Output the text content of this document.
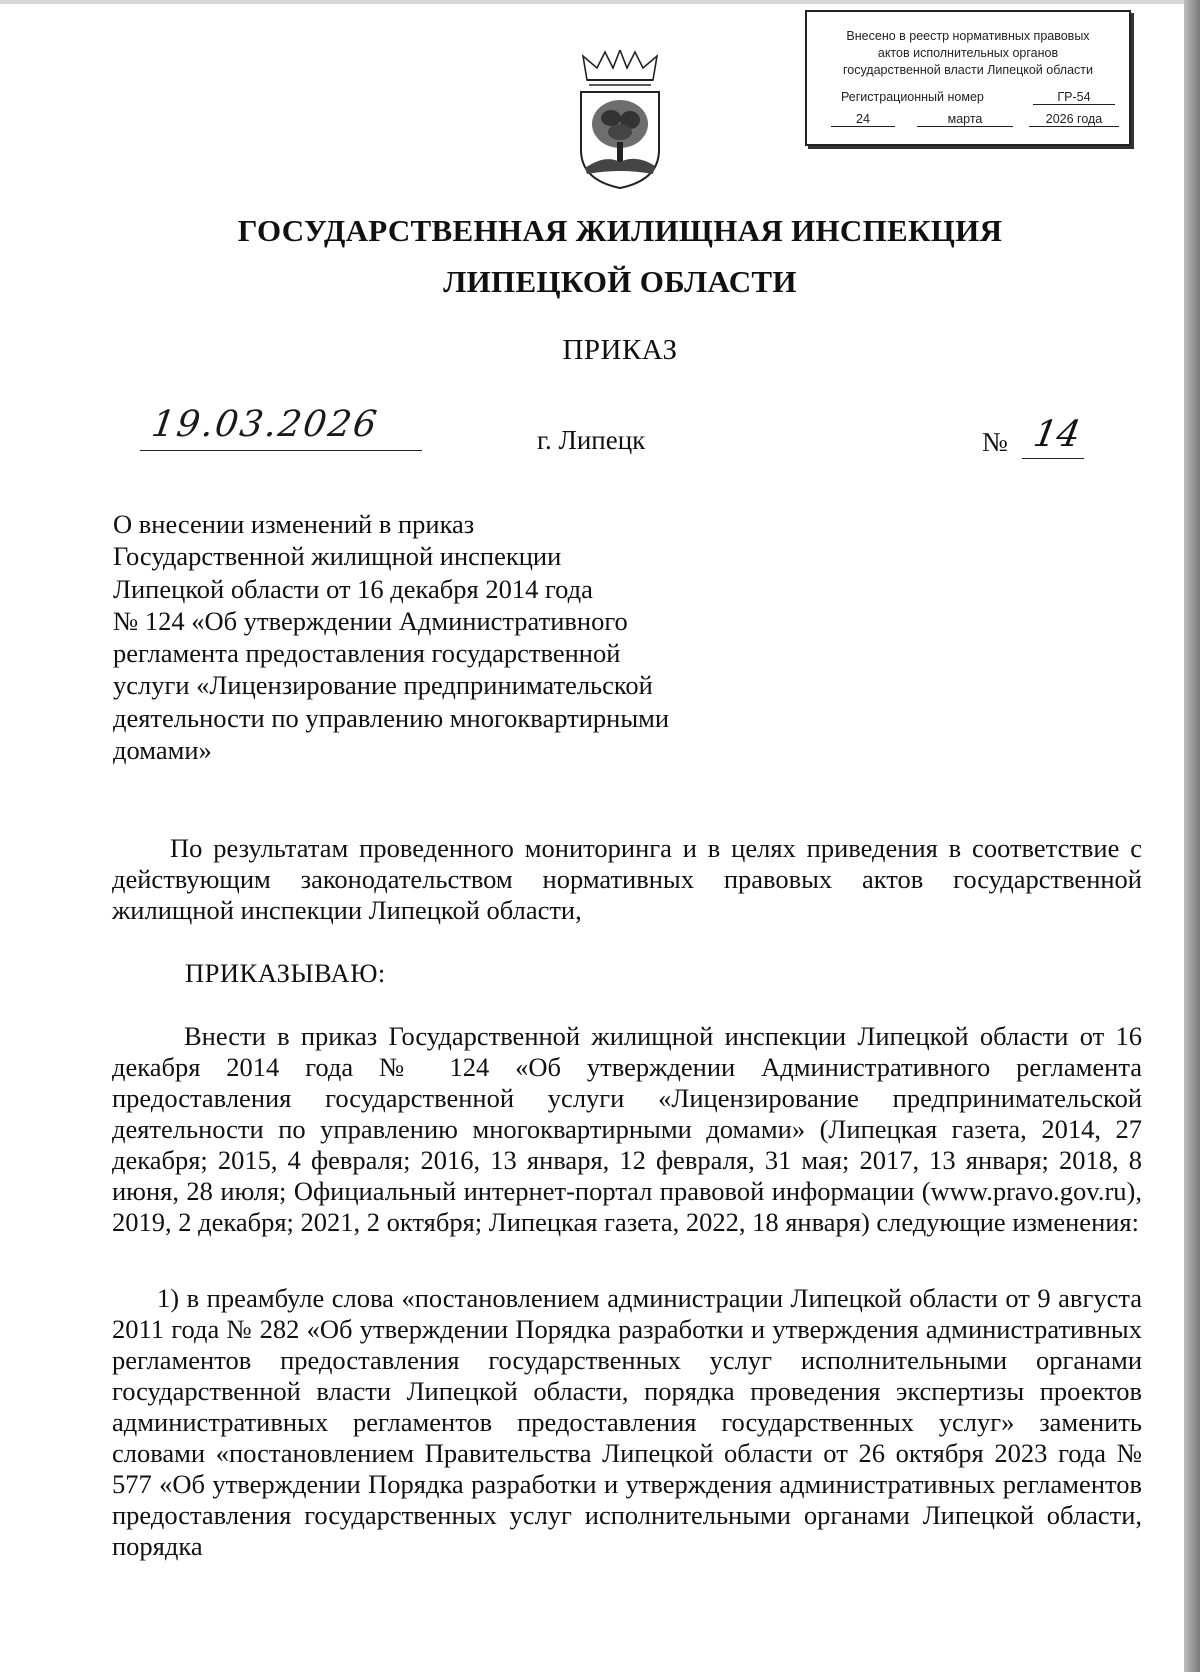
Внесено в реестр нормативных правовых
актов исполнительных органов
государственной власти Липецкой области
Регистрационный номер	ГР-54
24	марта	2026 года
ГОСУДАРСТВЕННАЯ ЖИЛИЩНАЯ ИНСПЕКЦИЯ
ЛИПЕЦКОЙ ОБЛАСТИ
ПРИКАЗ
19.03.2026	г. Липецк	№ 14
О внесении изменений в приказ
Государственной жилищной инспекции
Липецкой области от 16 декабря 2014 года
№ 124 «Об утверждении Административного
регламента предоставления государственной
услуги «Лицензирование предпринимательской
деятельности по управлению многоквартирными
домами»
По результатам проведенного мониторинга и в целях приведения в соответствие с действующим законодательством нормативных правовых актов государственной жилищной инспекции Липецкой области,
ПРИКАЗЫВАЮ:
Внести в приказ Государственной жилищной инспекции Липецкой области от 16 декабря 2014 года № 124 «Об утверждении Административного регламента предоставления государственной услуги «Лицензирование предпринимательской деятельности по управлению многоквартирными домами» (Липецкая газета, 2014, 27 декабря; 2015, 4 февраля; 2016, 13 января, 12 февраля, 31 мая; 2017, 13 января; 2018, 8 июня, 28 июля; Официальный интернет-портал правовой информации (www.pravo.gov.ru), 2019, 2 декабря; 2021, 2 октября; Липецкая газета, 2022, 18 января) следующие изменения:
1) в преамбуле слова «постановлением администрации Липецкой области от 9 августа 2011 года № 282 «Об утверждении Порядка разработки и утверждения административных регламентов предоставления государственных услуг исполнительными органами государственной власти Липецкой области, порядка проведения экспертизы проектов административных регламентов предоставления государственных услуг» заменить словами «постановлением Правительства Липецкой области от 26 октября 2023 года № 577 «Об утверждении Порядка разработки и утверждения административных регламентов предоставления государственных услуг исполнительными органами Липецкой области, порядка
